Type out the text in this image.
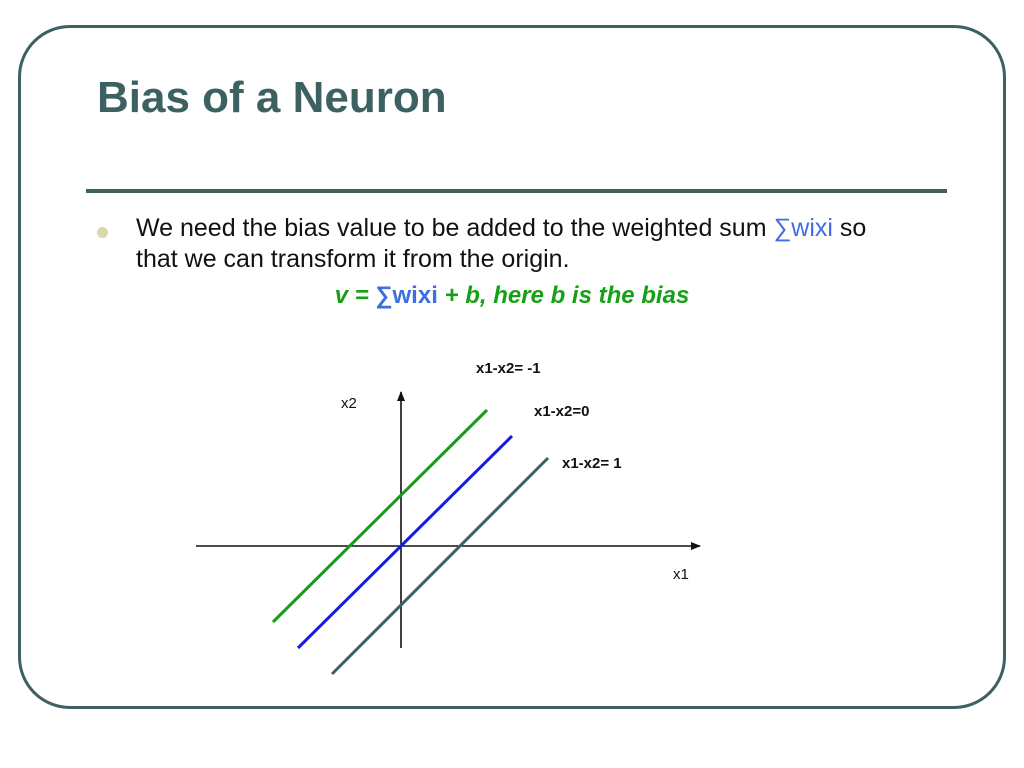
Bias of a Neuron

We need the bias value to be added to the weighted sum ∑wixi so that we can transform it from the origin.

v = ∑wixi + b, here b is the bias
x1
x2
x1-x2= -1
x1-x2=0
x1-x2= 1
